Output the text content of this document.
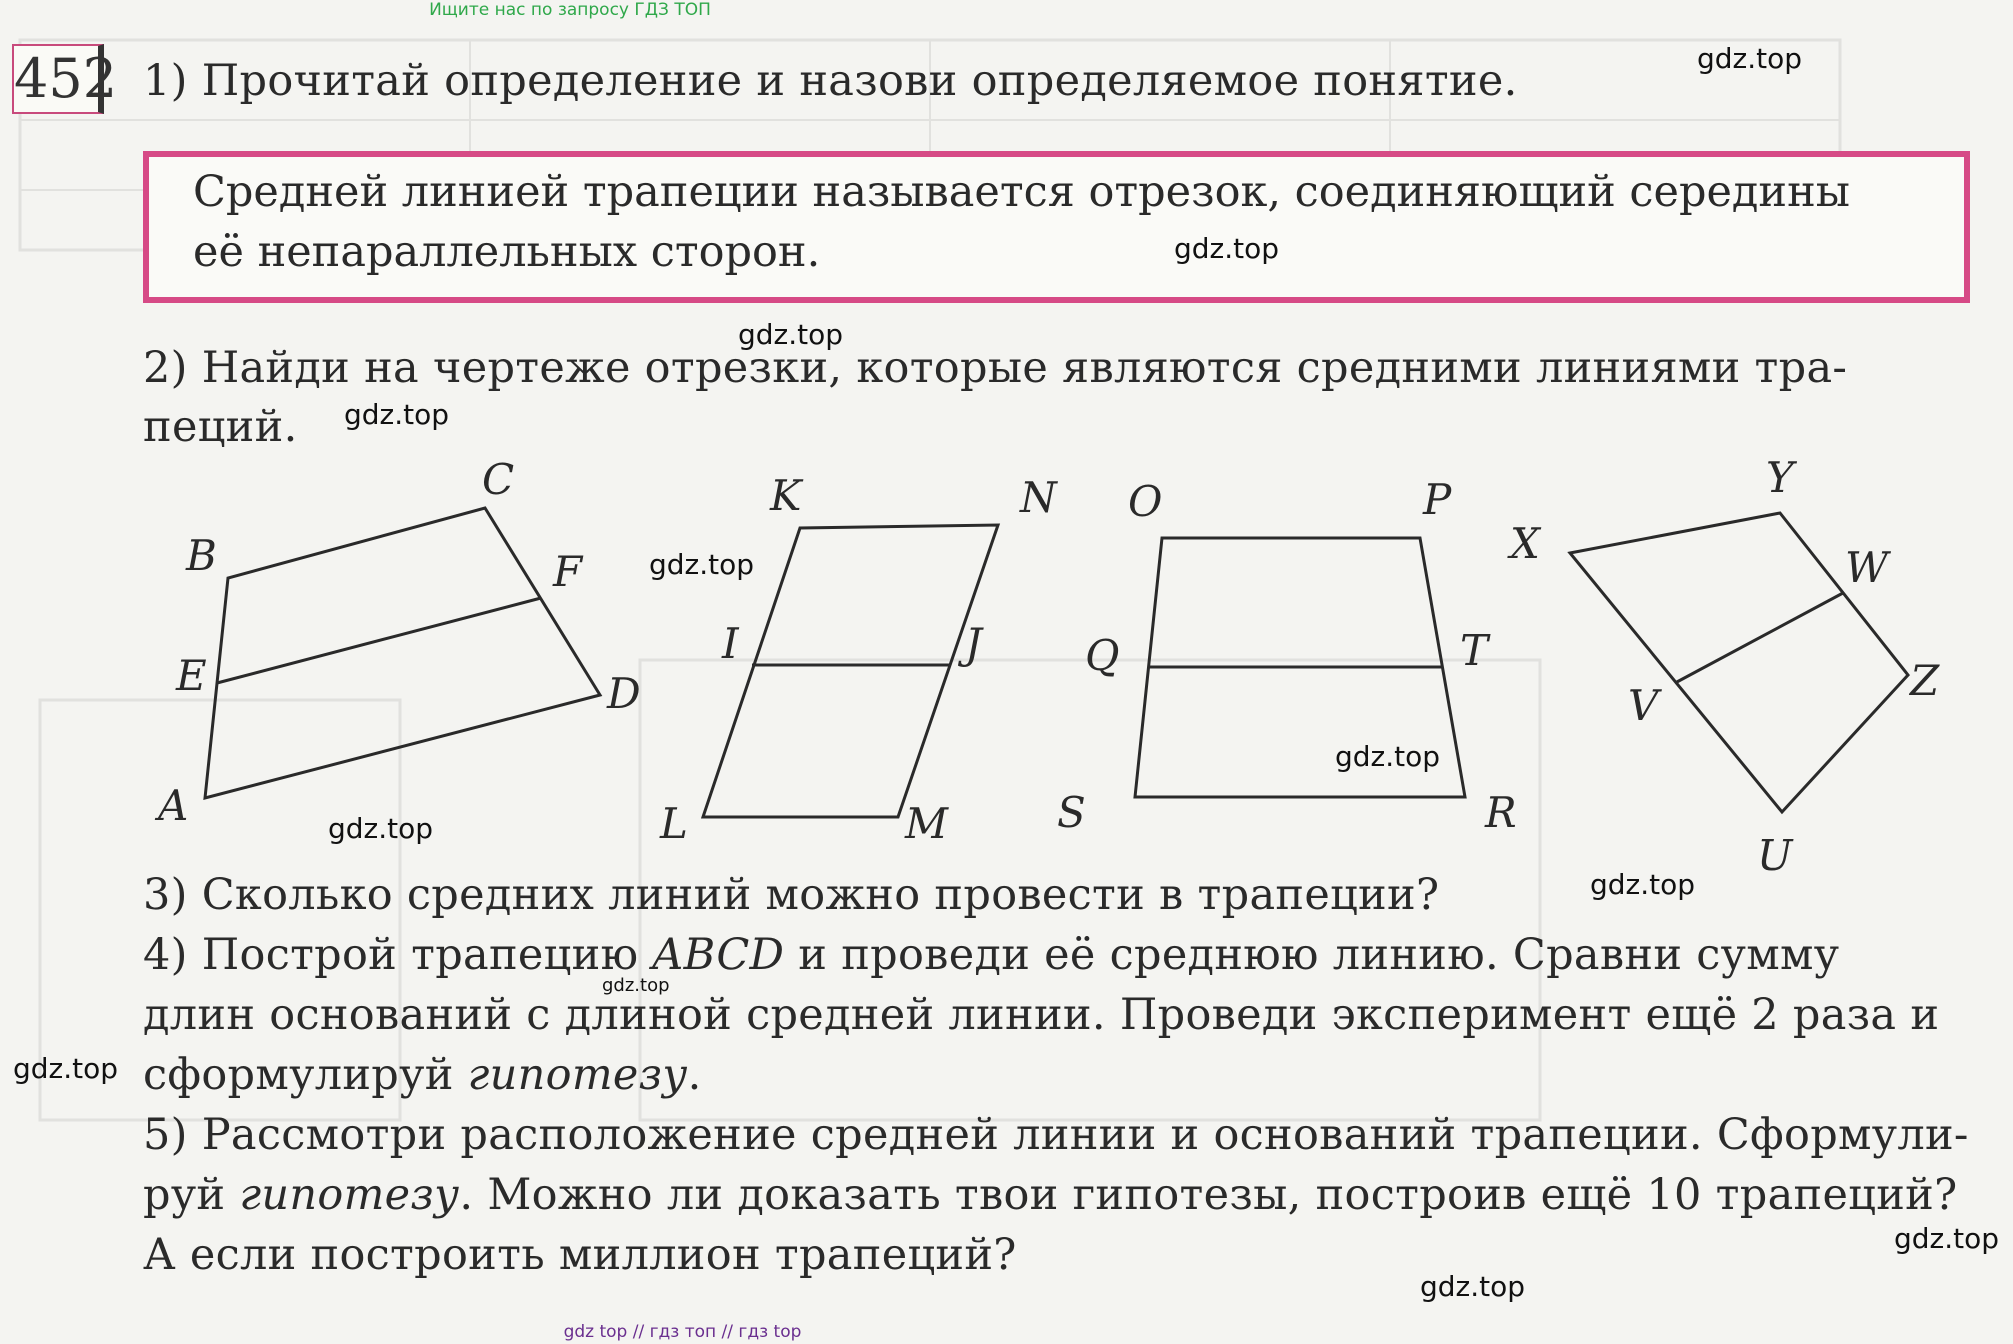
Ищите нас по запросу ГДЗ ТОП
452 1) Прочитай определение и назови определяемое понятие.
Средней линией трапеции называется отрезок, соединяющий середины
её непараллельных сторон.
2) Найди на чертеже отрезки, которые являются средними линиями тра-
пеций.
A
B
C
D
E
F
K	N
I	J
L	M
O	P
Q	T
S	R
X
Y
W
V
Z
U
3) Сколько средних линий можно провести в трапеции?
4) Построй трапецию ABCD и проведи её среднюю линию. Сравни сумму
длин оснований с длиной средней линии. Проведи эксперимент ещё 2 раза и
сформулируй гипотезу.
5) Рассмотри расположение средней линии и оснований трапеции. Сформули-
руй гипотезу. Можно ли доказать твои гипотезы, построив ещё 10 трапеций?
А если построить миллион трапеций?
gdz.top
gdz.top
gdz.top
gdz.top
gdz.top
gdz.top
gdz.top
gdz.top
gdz.top
gdz.top
gdz.top
gdz.top
gdz top // гдз топ // гдз top
